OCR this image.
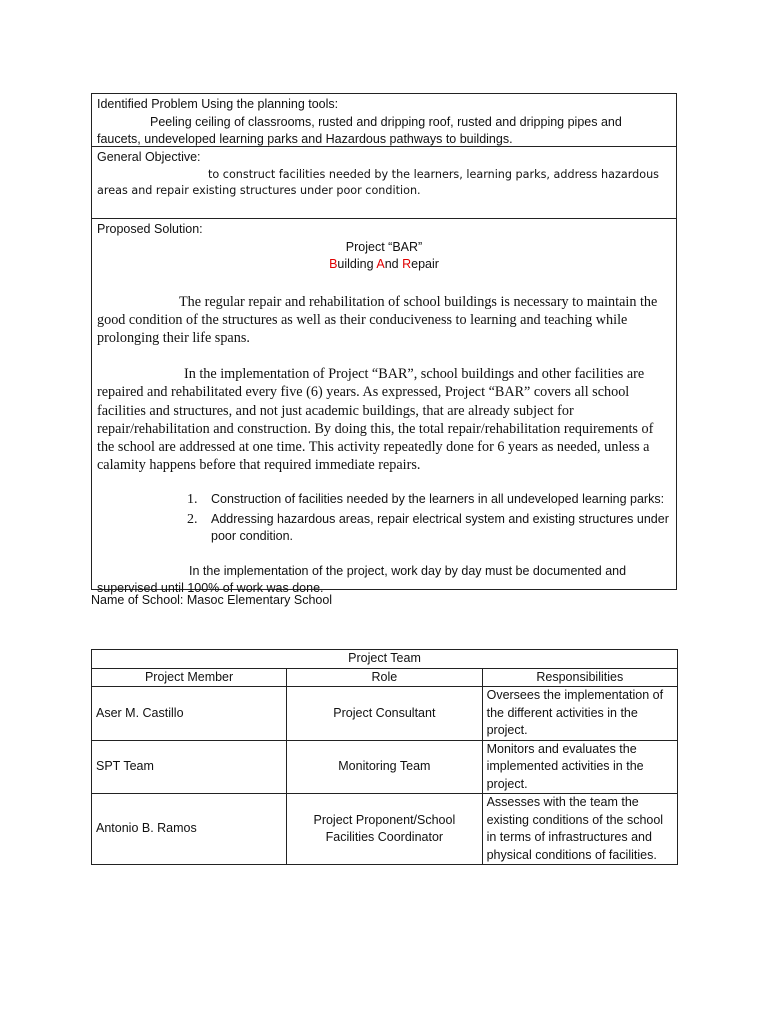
Identified Problem Using the planning tools:
Peeling ceiling of classrooms, rusted and dripping roof, rusted and dripping pipes and
faucets, undeveloped learning parks and Hazardous pathways to buildings.
General Objective:
to construct facilities needed by the learners, learning parks, address hazardous
areas and repair existing structures under poor condition.
Proposed Solution:
Project “BAR”
Building And Repair

The regular repair and rehabilitation of school buildings is necessary to maintain the good condition of the structures as well as their conduciveness to learning and teaching while prolonging their life spans.

In the implementation of Project “BAR”, school buildings and other facilities are repaired and rehabilitated every five (6) years. As expressed, Project “BAR” covers all school facilities and structures, and not just academic buildings, that are already subject for repair/rehabilitation and construction. By doing this, the total repair/rehabilitation requirements of the school are addressed at one time. This activity repeatedly done for 6 years as needed, unless a calamity happens before that required immediate repairs.

1. Construction of facilities needed by the learners in all undeveloped learning parks:
2. Addressing hazardous areas, repair electrical system and existing structures under poor condition.

In the implementation of the project, work day by day must be documented and
supervised until 100% of work was done.

Name of School: Masoc Elementary School
Project Team		
Project Member	Role	Responsibilities
Aser M. Castillo	Project Consultant	Oversees the implementation of the different activities in the project.
SPT Team	Monitoring Team	Monitors and evaluates the implemented activities in the project.
Antonio B. Ramos	Project Proponent/School Facilities Coordinator	Assesses with the team the existing conditions of the school in terms of infrastructures and physical conditions of facilities.
